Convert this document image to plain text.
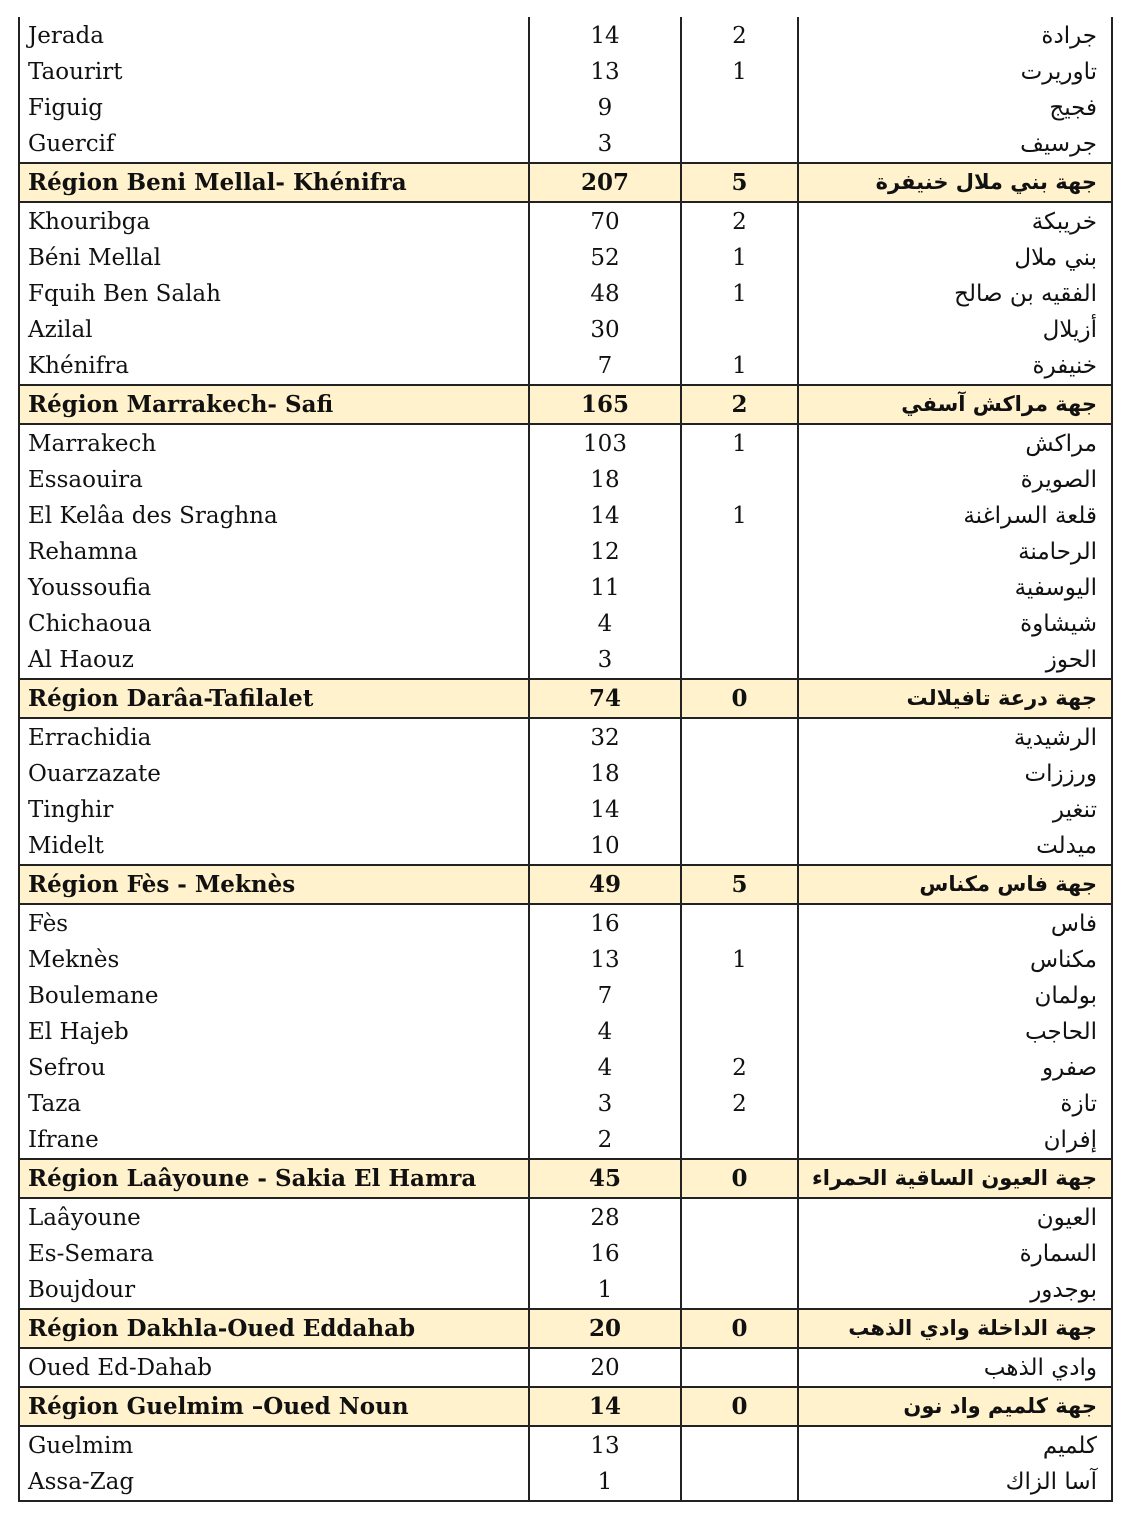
Jerada	14	2	جرادة
Taourirt	13	1	تاوريرت
Figuig	9		فجيج
Guercif	3		جرسيف
Région Beni Mellal- Khénifra	207	5	جهة بني ملال خنيفرة
Khouribga	70	2	خريبكة
Béni Mellal	52	1	بني ملال
Fquih Ben Salah	48	1	الفقيه بن صالح
Azilal	30		أزيلال
Khénifra	7	1	خنيفرة
Région Marrakech- Safi	165	2	جهة مراكش آسفي
Marrakech	103	1	مراكش
Essaouira	18		الصويرة
El Kelâa des Sraghna	14	1	قلعة السراغنة
Rehamna	12		الرحامنة
Youssoufia	11		اليوسفية
Chichaoua	4		شيشاوة
Al Haouz	3		الحوز
Région Darâa-Tafilalet	74	0	جهة درعة تافيلالت
Errachidia	32		الرشيدية
Ouarzazate	18		ورززات
Tinghir	14		تنغير
Midelt	10		ميدلت
Région Fès - Meknès	49	5	جهة فاس مكناس
Fès	16		فاس
Meknès	13	1	مكناس
Boulemane	7		بولمان
El Hajeb	4		الحاجب
Sefrou	4	2	صفرو
Taza	3	2	تازة
Ifrane	2		إفران
Région Laâyoune - Sakia El Hamra	45	0	جهة العيون الساقية الحمراء
Laâyoune	28		العيون
Es-Semara	16		السمارة
Boujdour	1		بوجدور
Région Dakhla-Oued Eddahab	20	0	جهة الداخلة وادي الذهب
Oued Ed-Dahab	20		وادي الذهب
Région Guelmim –Oued Noun	14	0	جهة كلميم واد نون
Guelmim	13		كلميم
Assa-Zag	1		آسا الزاك
